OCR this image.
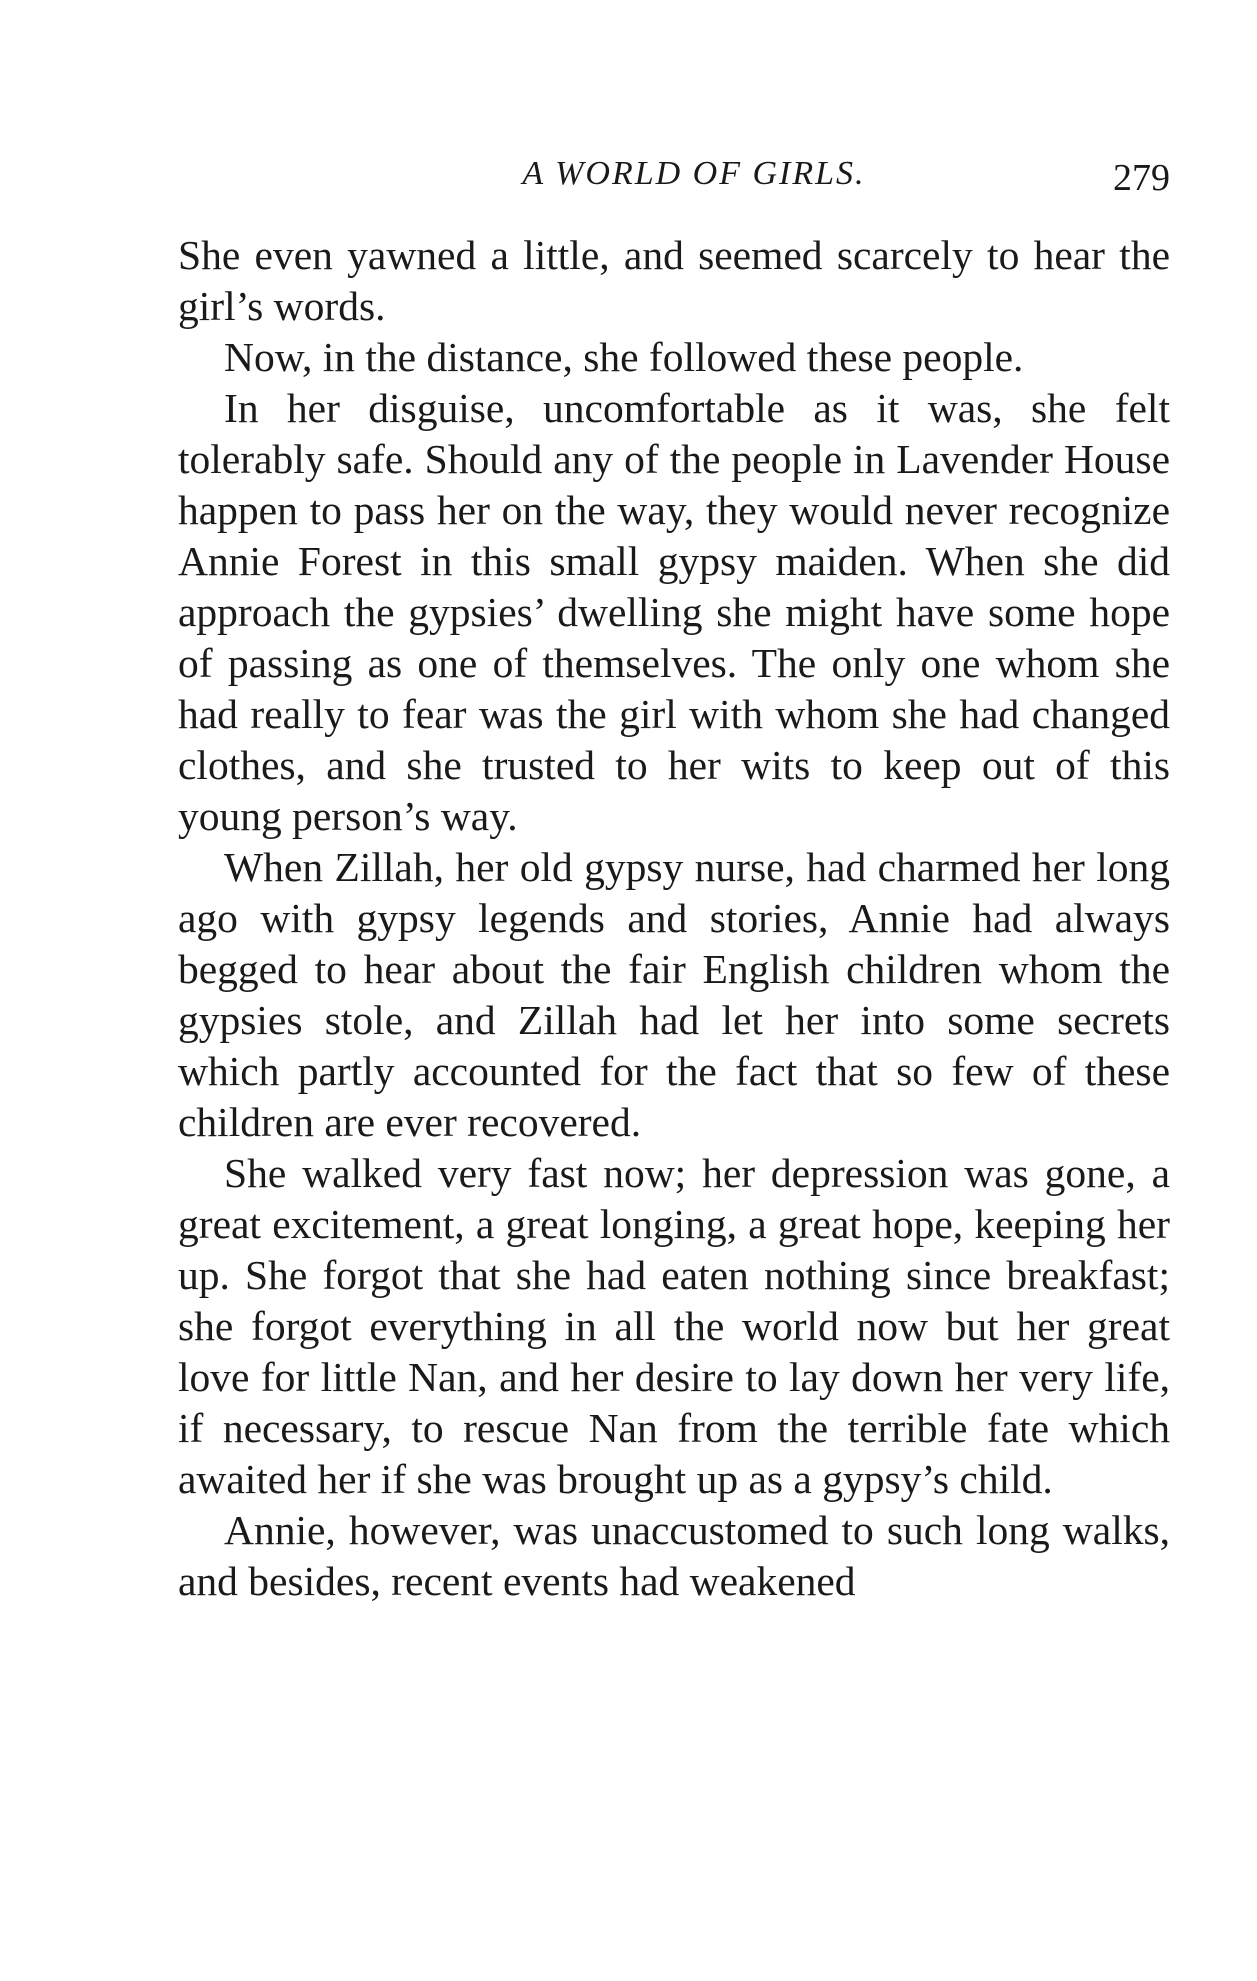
A WORLD OF GIRLS.	279

She even yawned a little, and seemed scarcely to hear the girl’s words.

Now, in the distance, she followed these people.

In her disguise, uncomfortable as it was, she felt tolerably safe. Should any of the people in Lavender House happen to pass her on the way, they would never recognize Annie Forest in this small gypsy maiden. When she did approach the gypsies’ dwelling she might have some hope of passing as one of themselves. The only one whom she had really to fear was the girl with whom she had changed clothes, and she trusted to her wits to keep out of this young person’s way.

When Zillah, her old gypsy nurse, had charmed her long ago with gypsy legends and stories, Annie had always begged to hear about the fair English children whom the gypsies stole, and Zillah had let her into some secrets which partly accounted for the fact that so few of these children are ever recovered.

She walked very fast now; her depression was gone, a great excitement, a great longing, a great hope, keeping her up. She forgot that she had eaten nothing since breakfast; she forgot everything in all the world now but her great love for little Nan, and her desire to lay down her very life, if necessary, to rescue Nan from the terrible fate which awaited her if she was brought up as a gypsy’s child.

Annie, however, was unaccustomed to such long walks, and besides, recent events had weakened
